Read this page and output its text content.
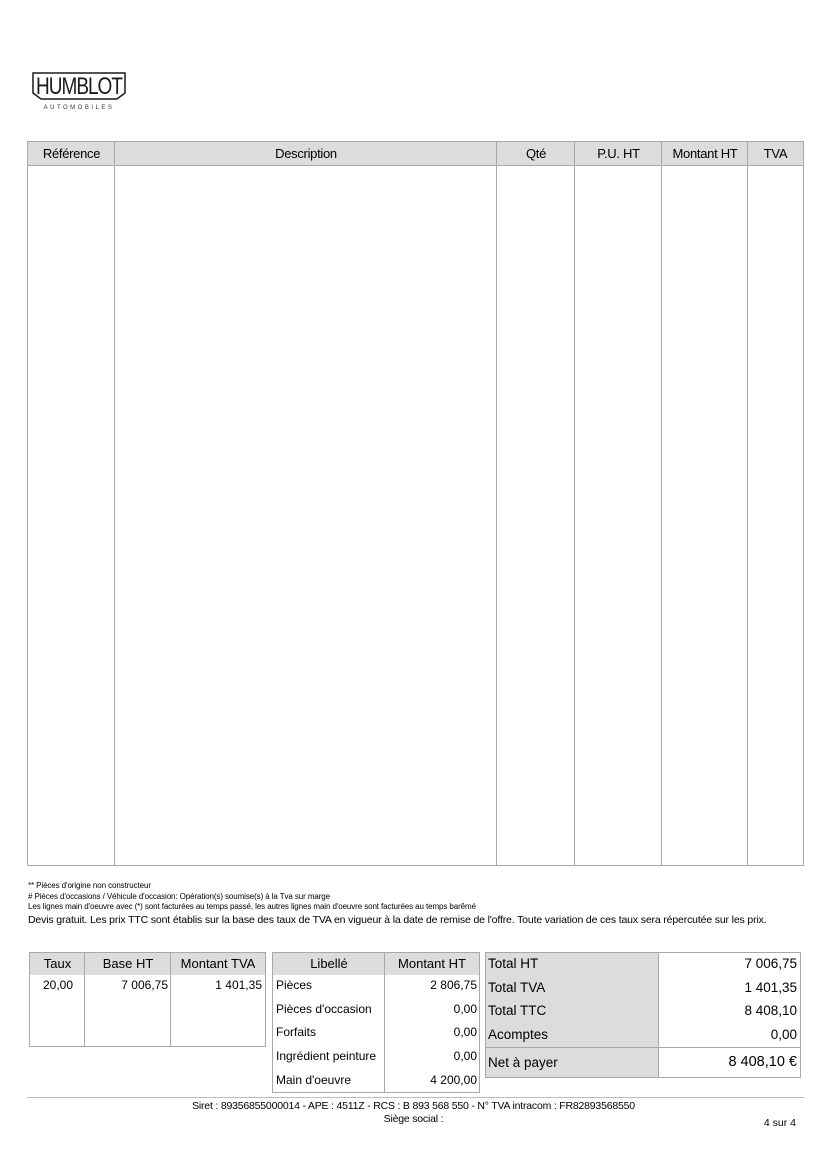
HUMBLOT
AUTOMOBILES
Référence	Description	Qté	P.U. HT	Montant HT	TVA
** Pièces d'origine non constructeur
# Pièces d'occasions / Véhicule d'occasion: Opération(s) soumise(s) à la Tva sur marge
Les lignes main d'oeuvre avec (*) sont facturées au temps passé, les autres lignes main d'oeuvre sont facturées au temps barêmé
Devis gratuit. Les prix TTC sont établis sur la base des taux de TVA en vigueur à la date de remise de l'offre. Toute variation de ces taux sera répercutée sur les prix.
Taux	Base HT	Montant TVA
20,00	7 006,75	1 401,35
Libellé	Montant HT
Pièces	2 806,75
Pièces d'occasion	0,00
Forfaits	0,00
Ingrédient peinture	0,00
Main d'oeuvre	4 200,00
Total HT	7 006,75
Total TVA	1 401,35
Total TTC	8 408,10
Acomptes	0,00
Net à payer	8 408,10 €
Siret : 89356855000014 - APE : 4511Z - RCS : B 893 568 550 - N° TVA intracom : FR82893568550
Siège social :	4 sur 4
